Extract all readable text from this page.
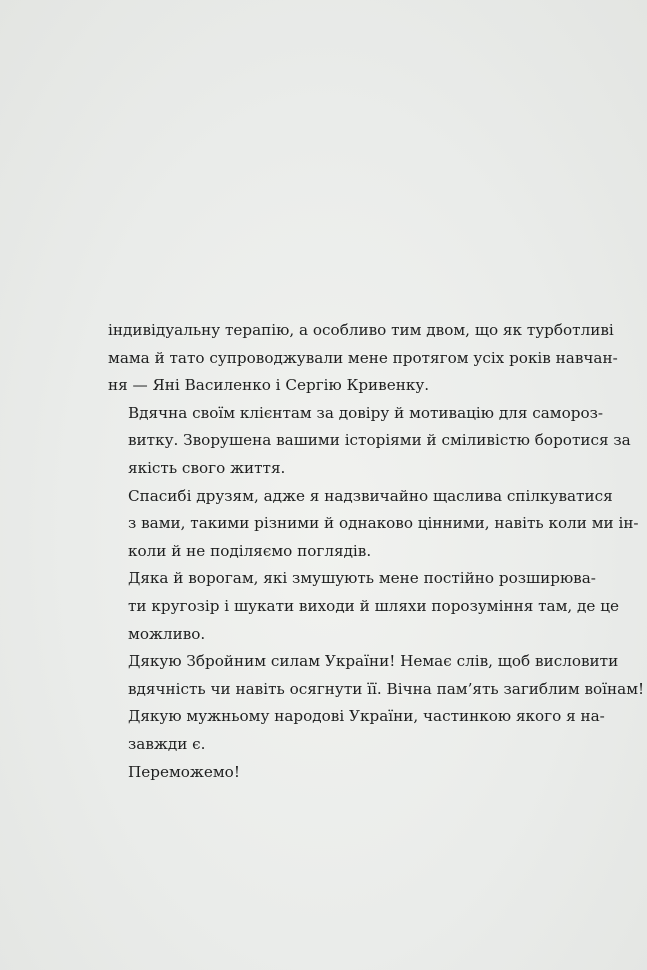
індивідуальну терапію, а особливо тим двом, що як турботливі
мама й тато супроводжували мене протягом усіх років навчан-
ня — Яні Василенко і Сергію Кривенку.
Вдячна своїм клієнтам за довіру й мотивацію для саморoз-
витку. Зворушена вашими історіями й сміливістю боротися за
якість свого життя.
Спасибі друзям, адже я надзвичайно щаслива спілкуватися
з вами, такими різними й однаково цінними, навіть коли ми ін-
коли й не поділяємо поглядів.
Дяка й ворогам, які змушують мене постійно розширюва-
ти кругозір і шукати виходи й шляхи порозуміння там, де це
можливо.
Дякую Збройним силам України! Немає слів, щоб висловити
вдячність чи навіть осягнути її. Вічна пам’ять загиблим воїнам!
Дякую мужньому народові України, частинкою якого я на-
завжди є.
Переможемо!
